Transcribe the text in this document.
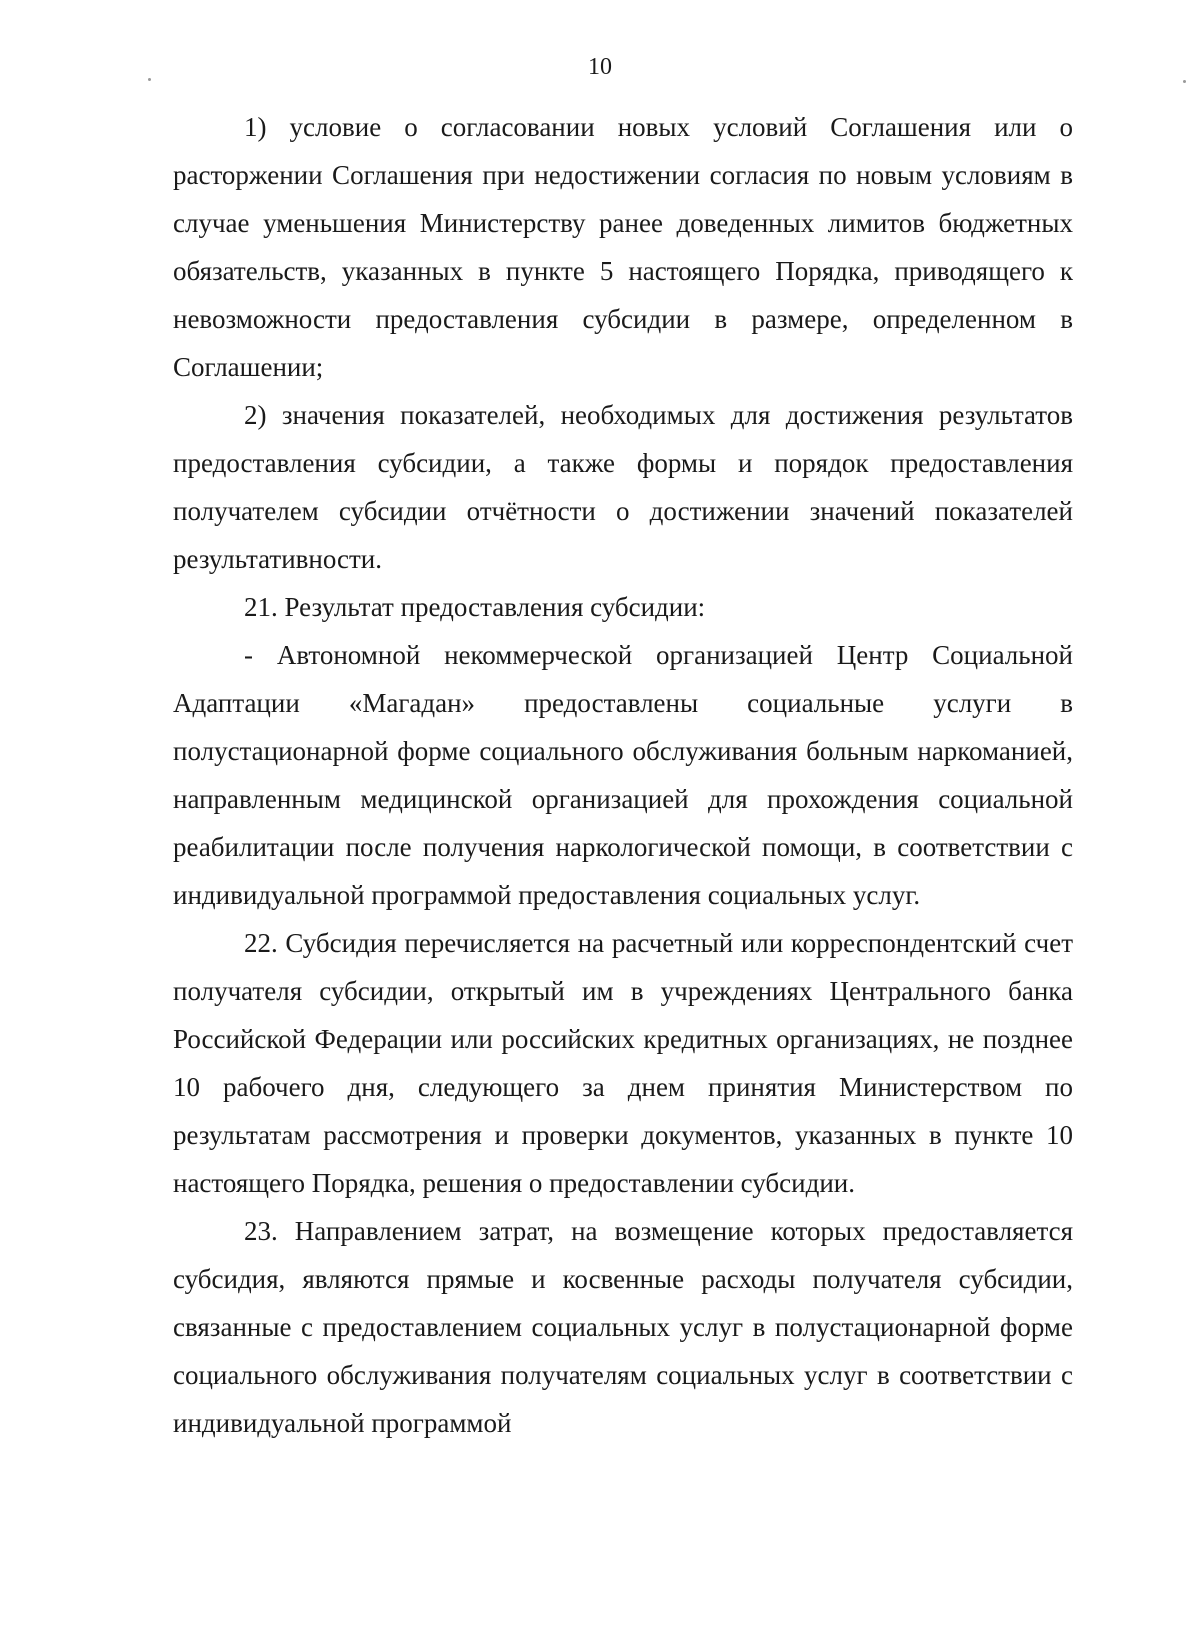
10

1) условие о согласовании новых условий Соглашения или о расторжении Соглашения при недостижении согласия по новым условиям в случае уменьшения Министерству ранее доведенных лимитов бюджетных обязательств, указанных в пункте 5 настоящего Порядка, приводящего к невозможности предоставления субсидии в размере, определенном в Соглашении;

2) значения показателей, необходимых для достижения результатов предоставления субсидии, а также формы и порядок предоставления получателем субсидии отчётности о достижении значений показателей результативности.

21. Результат предоставления субсидии:

- Автономной некоммерческой организацией Центр Социальной Адаптации «Магадан» предоставлены социальные услуги в полустационарной форме социального обслуживания больным наркоманией, направленным медицинской организацией для прохождения социальной реабилитации после получения наркологической помощи, в соответствии с индивидуальной программой предоставления социальных услуг.

22. Субсидия перечисляется на расчетный или корреспондентский счет получателя субсидии, открытый им в учреждениях Центрального банка Российской Федерации или российских кредитных организациях, не позднее 10 рабочего дня, следующего за днем принятия Министерством по результатам рассмотрения и проверки документов, указанных в пункте 10 настоящего Порядка, решения о предоставлении субсидии.

23. Направлением затрат, на возмещение которых предоставляется субсидия, являются прямые и косвенные расходы получателя субсидии, связанные с предоставлением социальных услуг в полустационарной форме социального обслуживания получателям социальных услуг в соответствии с индивидуальной программой
